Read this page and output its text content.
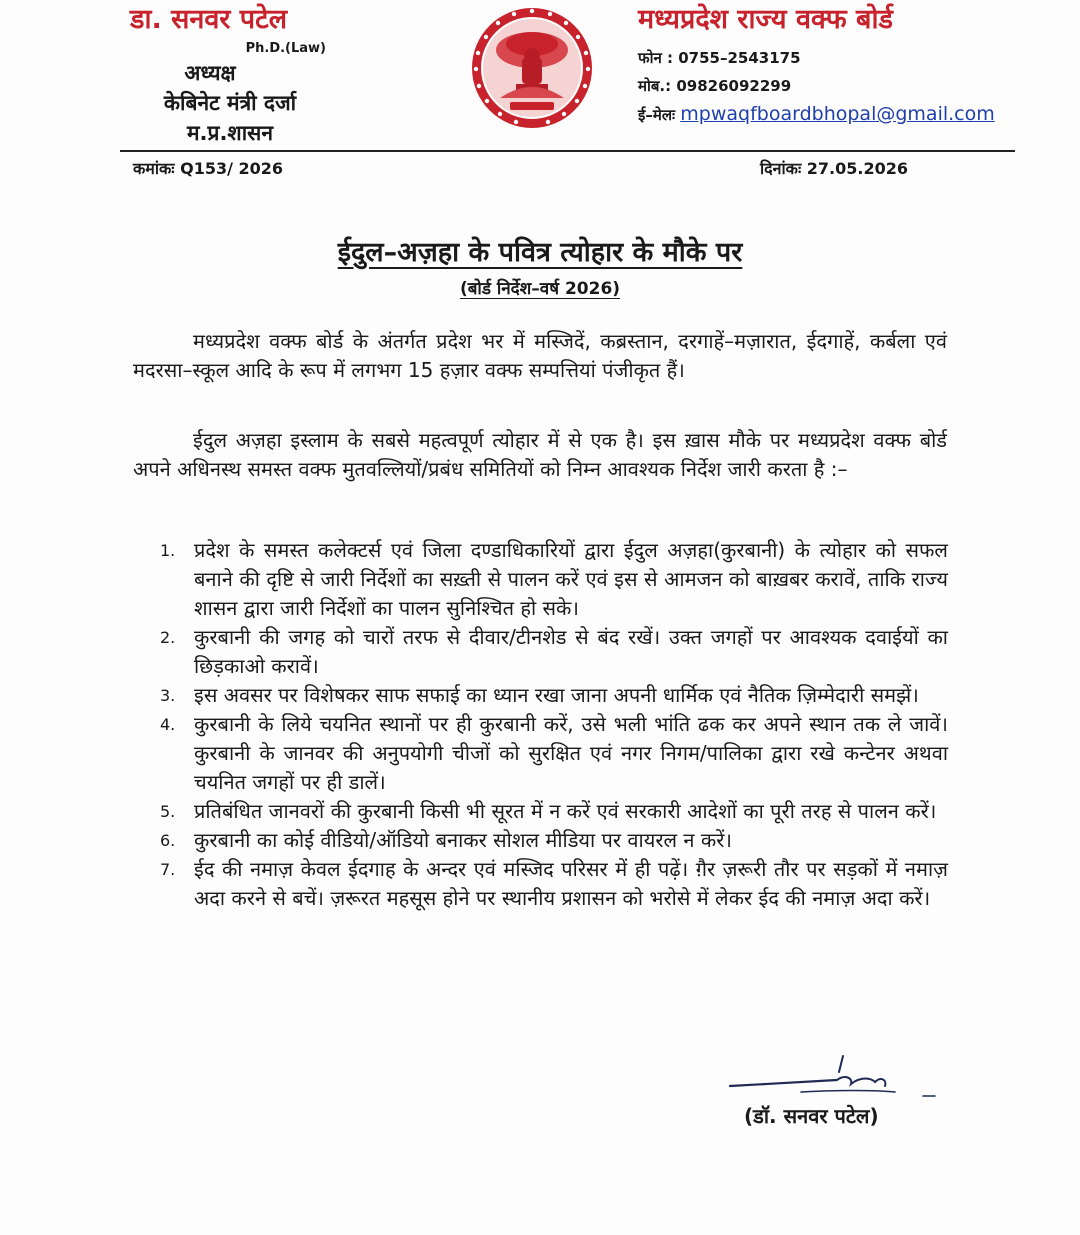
डा. सनवर पटेल
Ph.D.(Law)
अध्यक्ष
केबिनेट मंत्री दर्जा
म.प्र.शासन
मध्यप्रदेश राज्य वक्फ बोर्ड
फोन : 0755–2543175
मोब.: 09826092299
ई–मेलः mpwaqfboardbhopal@gmail.com
कमांकः Q153/ 2026	दिनांकः 27.05.2026
ईदुल–अज़हा के पवित्र त्योहार के मौके पर
(बोर्ड निर्देश–वर्ष 2026)
मध्यप्रदेश वक्फ बोर्ड के अंतर्गत प्रदेश भर में मस्जिदें, कब्रस्तान, दरगाहें–मज़ारात, ईदगाहें, कर्बला एवं मदरसा–स्कूल आदि के रूप में लगभग 15 हज़ार वक्फ सम्पत्तियां पंजीकृत हैं।
ईदुल अज़हा इस्लाम के सबसे महत्वपूर्ण त्योहार में से एक है। इस ख़ास मौके पर मध्यप्रदेश वक्फ बोर्ड अपने अधिनस्थ समस्त वक्फ मुतवल्लियों/प्रबंध समितियों को निम्न आवश्यक निर्देश जारी करता है :–
1. प्रदेश के समस्त कलेक्टर्स एवं जिला दण्डाधिकारियों द्वारा ईदुल अज़हा(कुरबानी) के त्योहार को सफल बनाने की दृष्टि से जारी निर्देशों का सख़्ती से पालन करें एवं इस से आमजन को बाख़बर करावें, ताकि राज्य शासन द्वारा जारी निर्देशों का पालन सुनिश्चित हो सके।
2. कुरबानी की जगह को चारों तरफ से दीवार/टीनशेड से बंद रखें। उक्त जगहों पर आवश्यक दवाईयों का छिड़काओ करावें।
3. इस अवसर पर विशेषकर साफ सफाई का ध्यान रखा जाना अपनी धार्मिक एवं नैतिक ज़िम्मेदारी समझें।
4. कुरबानी के लिये चयनित स्थानों पर ही कुरबानी करें, उसे भली भांति ढक कर अपने स्थान तक ले जावें। कुरबानी के जानवर की अनुपयोगी चीजों को सुरक्षित एवं नगर निगम/पालिका द्वारा रखे कन्टेनर अथवा चयनित जगहों पर ही डालें।
5. प्रतिबंधित जानवरों की कुरबानी किसी भी सूरत में न करें एवं सरकारी आदेशों का पूरी तरह से पालन करें।
6. कुरबानी का कोई वीडियो/ऑडियो बनाकर सोशल मीडिया पर वायरल न करें।
7. ईद की नमाज़ केवल ईदगाह के अन्दर एवं मस्जिद परिसर में ही पढ़ें। ग़ैर ज़रूरी तौर पर सड़कों में नमाज़ अदा करने से बचें। ज़रूरत महसूस होने पर स्थानीय प्रशासन को भरोसे में लेकर ईद की नमाज़ अदा करें।
(डॉ. सनवर पटेल)
